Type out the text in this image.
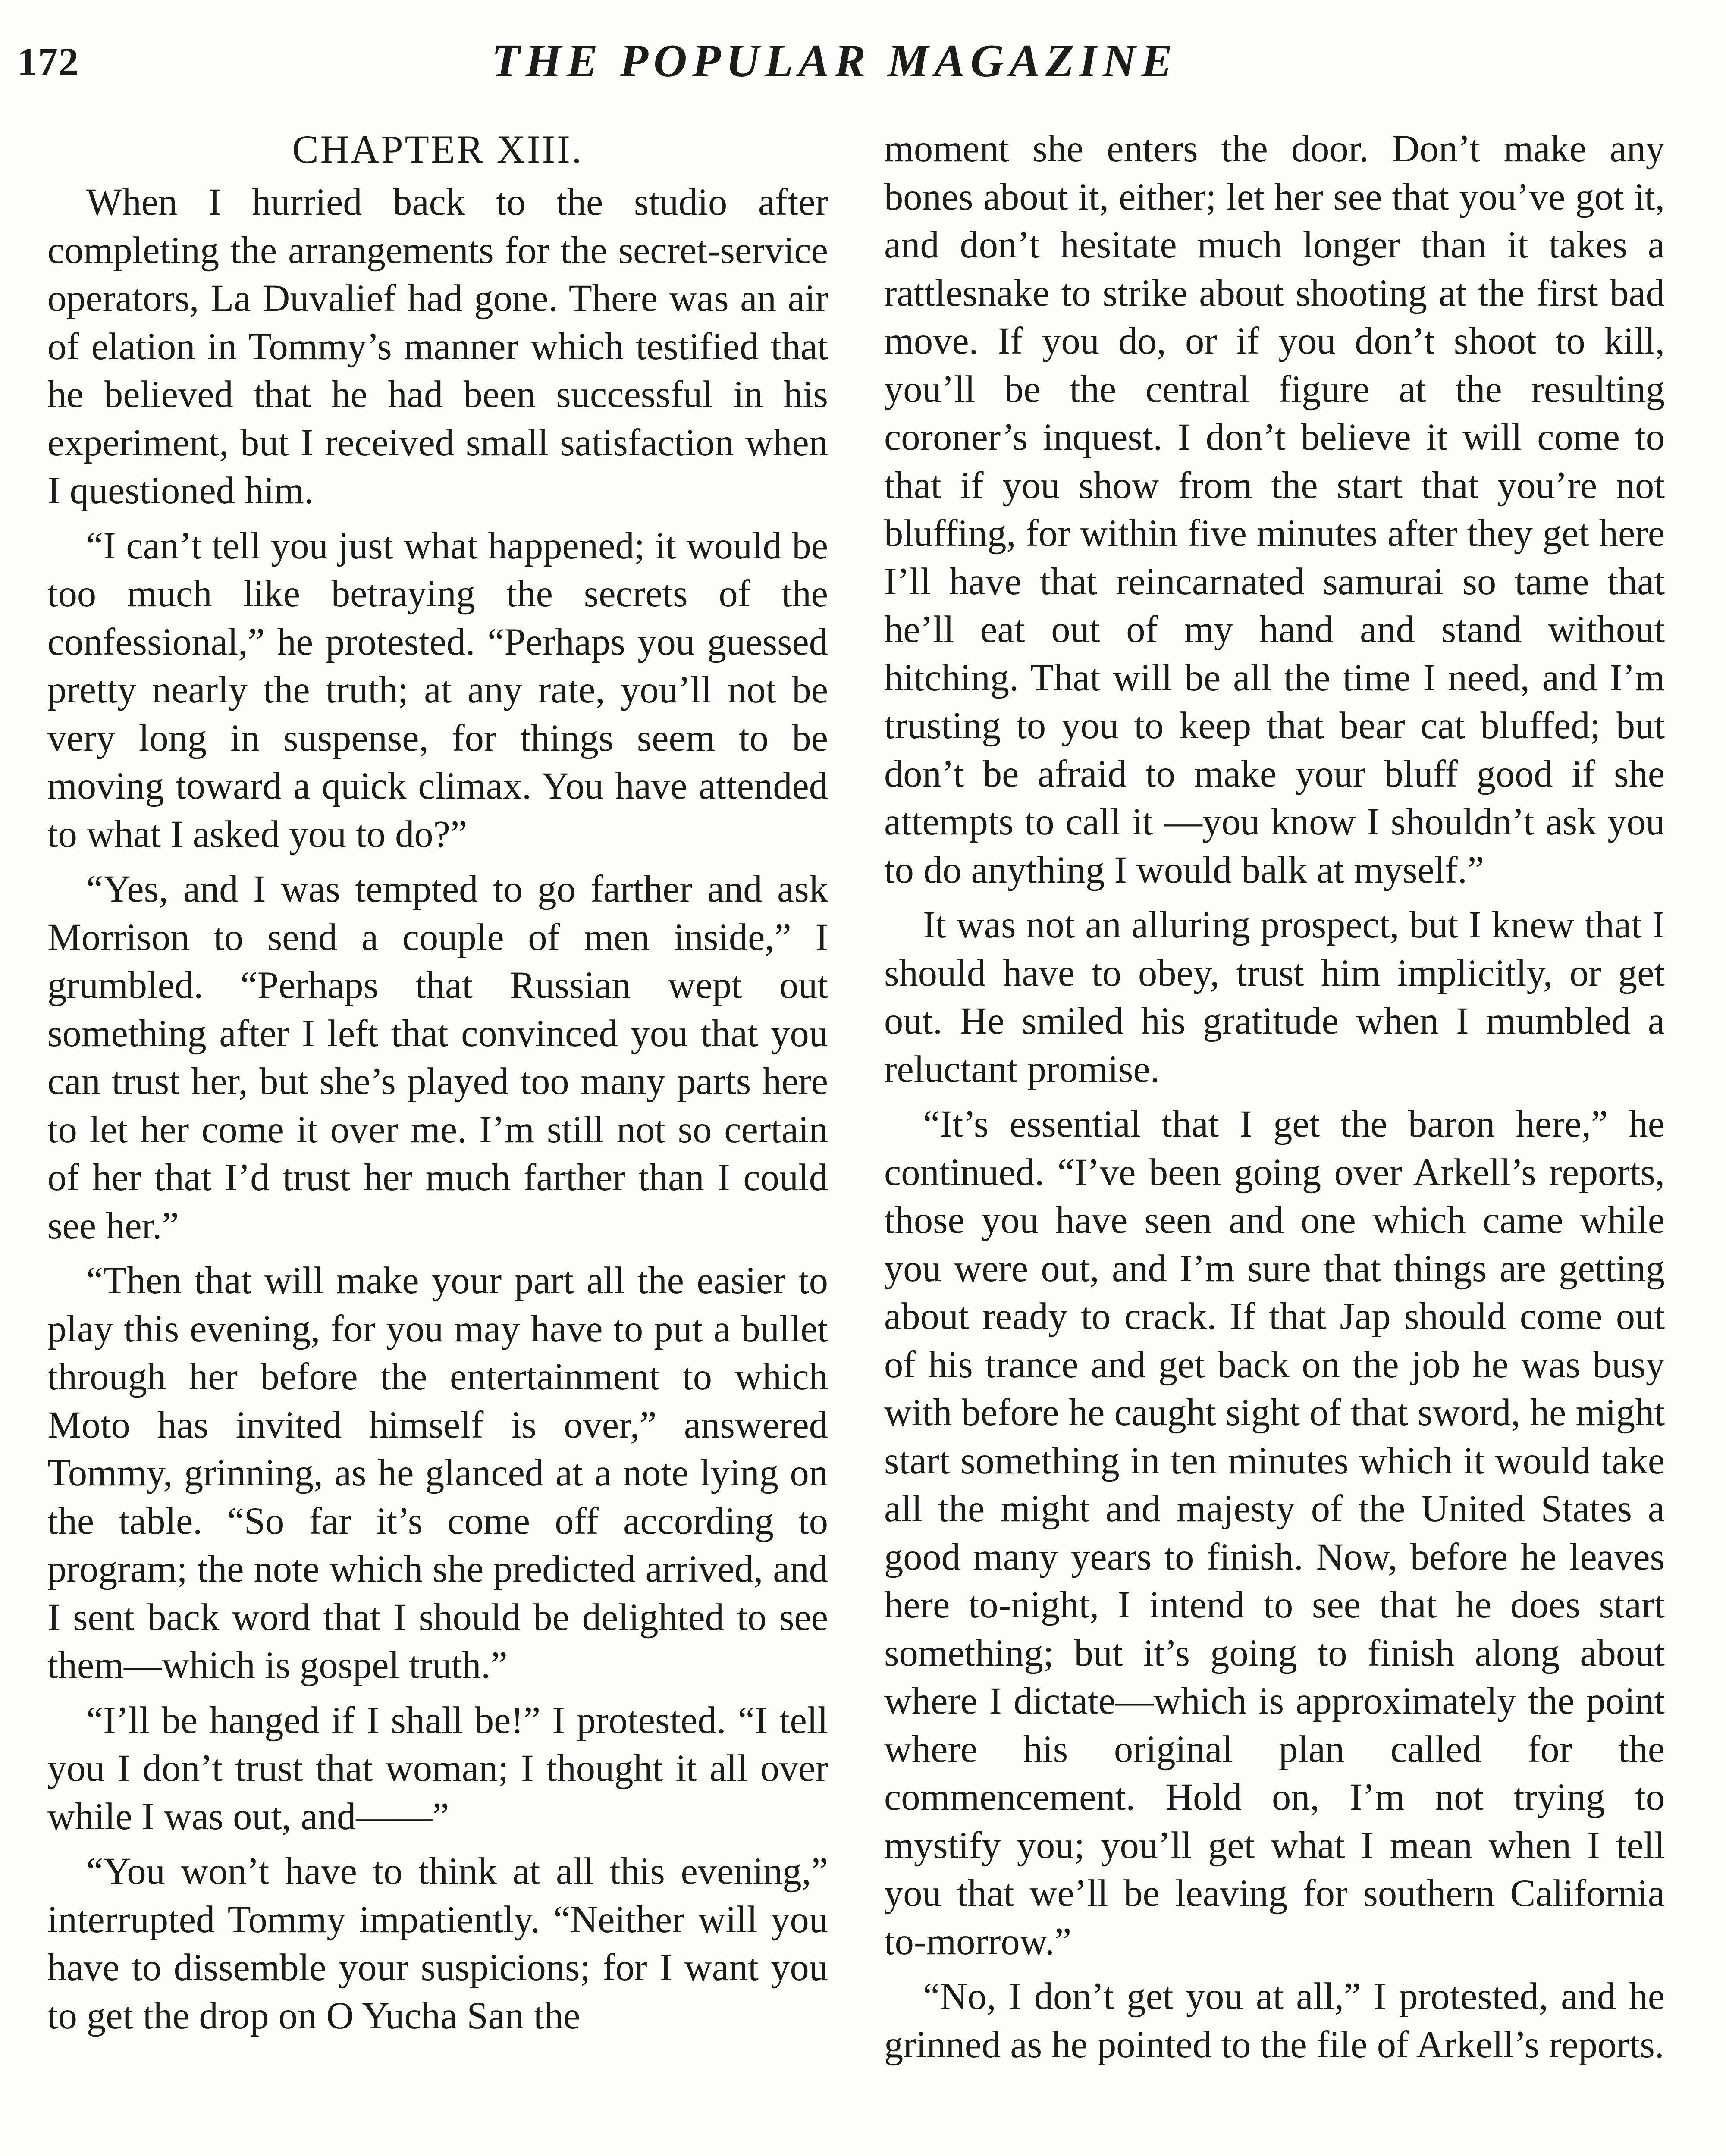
172	THE POPULAR MAGAZINE
CHAPTER XIII.

When I hurried back to the studio after completing the arrangements for the secret-service operators, La Duvalief had gone. There was an air of elation in Tommy’s manner which testified that he believed that he had been successful in his experiment, but I received small satisfaction when I questioned him.

“I can’t tell you just what happened; it would be too much like betraying the secrets of the confessional,” he protested. “Perhaps you guessed pretty nearly the truth; at any rate, you’ll not be very long in suspense, for things seem to be moving toward a quick climax. You have attended to what I asked you to do?”

“Yes, and I was tempted to go farther and ask Morrison to send a couple of men inside,” I grumbled. “Perhaps that Russian wept out something after I left that convinced you that you can trust her, but she’s played too many parts here to let her come it over me. I’m still not so certain of her that I’d trust her much farther than I could see her.”

“Then that will make your part all the easier to play this evening, for you may have to put a bullet through her before the entertainment to which Moto has invited himself is over,” answered Tommy, grinning, as he glanced at a note lying on the table. “So far it’s come off according to program; the note which she predicted arrived, and I sent back word that I should be delighted to see them—which is gospel truth.”

“I’ll be hanged if I shall be!” I protested. “I tell you I don’t trust that woman; I thought it all over while I was out, and——”

“You won’t have to think at all this evening,” interrupted Tommy impatiently. “Neither will you have to dissemble your suspicions; for I want you to get the drop on O Yucha San the

moment she enters the door. Don’t make any bones about it, either; let her see that you’ve got it, and don’t hesitate much longer than it takes a rattlesnake to strike about shooting at the first bad move. If you do, or if you don’t shoot to kill, you’ll be the central figure at the resulting coroner’s inquest. I don’t believe it will come to that if you show from the start that you’re not bluffing, for within five minutes after they get here I’ll have that reincarnated samurai so tame that he’ll eat out of my hand and stand without hitching. That will be all the time I need, and I’m trusting to you to keep that bear cat bluffed; but don’t be afraid to make your bluff good if she attempts to call it —you know I shouldn’t ask you to do anything I would balk at myself.”

It was not an alluring prospect, but I knew that I should have to obey, trust him implicitly, or get out. He smiled his gratitude when I mumbled a reluctant promise.

“It’s essential that I get the baron here,” he continued. “I’ve been going over Arkell’s reports, those you have seen and one which came while you were out, and I’m sure that things are getting about ready to crack. If that Jap should come out of his trance and get back on the job he was busy with before he caught sight of that sword, he might start something in ten minutes which it would take all the might and majesty of the United States a good many years to finish. Now, before he leaves here to-night, I intend to see that he does start something; but it’s going to finish along about where I dictate—which is approximately the point where his original plan called for the commencement. Hold on, I’m not trying to mystify you; you’ll get what I mean when I tell you that we’ll be leaving for southern California to-morrow.”

“No, I don’t get you at all,” I protested, and he grinned as he pointed to the file of Arkell’s reports.
